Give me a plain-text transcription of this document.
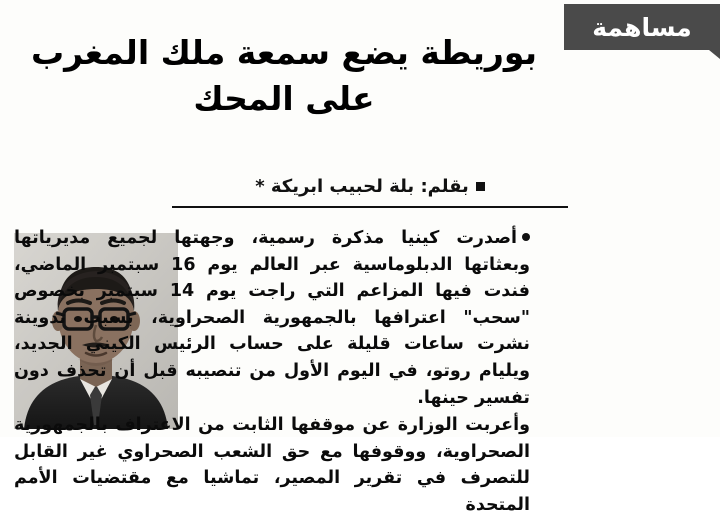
مساهمة
بوريطة يضع سمعة ملك المغرب
على المحك
بقلم: بلة لحبيب ابريكة *

أصدرت كينيا مذكرة رسمية، وجهتها لجميع مديرياتها وبعثاتها الدبلوماسية عبر العالم يوم 16 سبتمبر الماضي، فندت فيها المزاعم التي راجت يوم 14 سبتمبر بخصوص "سحب" اعترافها بالجمهورية الصحراوية، بسبب تدوينة نشرت ساعات قليلة على حساب الرئيس الكيني الجديد، ويليام روتو، في اليوم الأول من تنصيبه قبل أن تحذف دون تفسير حينها.

وأعربت الوزارة عن موقفها الثابت من الاعتراف بالجمهورية الصحراوية، ووقوفها مع حق الشعب الصحراوي غير القابل للتصرف في تقرير المصير، تماشيا مع مقتضيات الأمم المتحدة
